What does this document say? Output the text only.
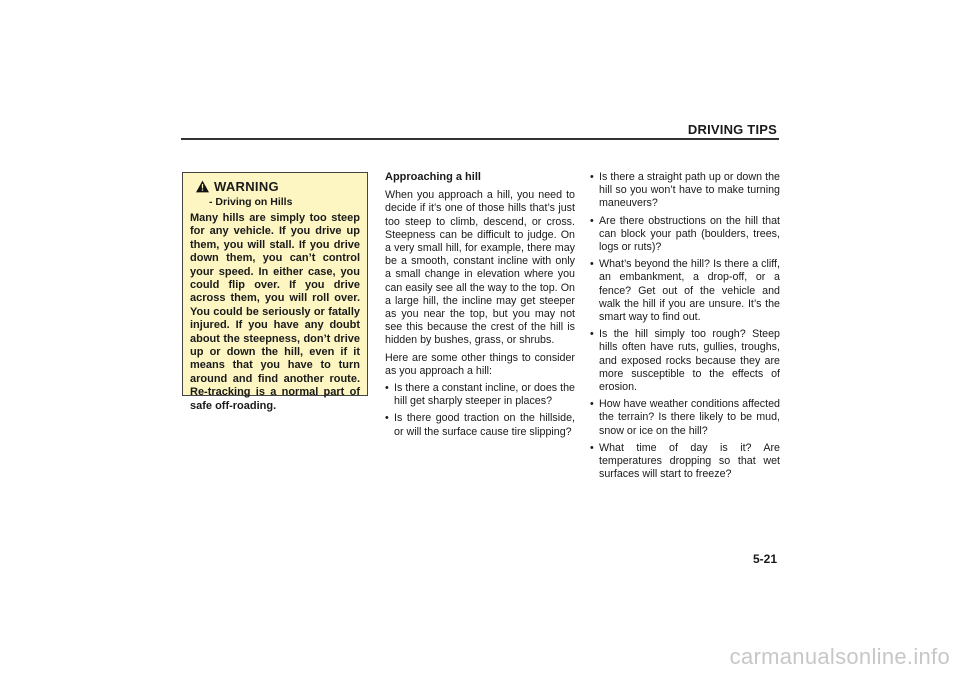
DRIVING TIPS
WARNING
- Driving on Hills
Many hills are simply too steep for any vehicle. If you drive up them, you will stall. If you drive down them, you can’t control your speed. In either case, you could flip over. If you drive across them, you will roll over. You could be seriously or fatally injured. If you have any doubt about the steepness, don’t drive up or down the hill, even if it means that you have to turn around and find another route. Re-tracking is a normal part of safe off-roading.
Approaching a hill

When you approach a hill, you need to decide if it’s one of those hills that’s just too steep to climb, descend, or cross. Steepness can be difficult to judge. On a very small hill, for example, there may be a smooth, constant incline with only a small change in elevation where you can easily see all the way to the top. On a large hill, the incline may get steeper as you near the top, but you may not see this because the crest of the hill is hidden by bushes, grass, or shrubs.

Here are some other things to consider as you approach a hill:

• Is there a constant incline, or does the hill get sharply steeper in places?
• Is there good traction on the hillside, or will the surface cause tire slipping?
• Is there a straight path up or down the hill so you won’t have to make turning maneuvers?
• Are there obstructions on the hill that can block your path (boulders, trees, logs or ruts)?
• What’s beyond the hill? Is there a cliff, an embankment, a drop-off, or a fence? Get out of the vehicle and walk the hill if you are unsure. It’s the smart way to find out.
• Is the hill simply too rough? Steep hills often have ruts, gullies, troughs, and exposed rocks because they are more susceptible to the effects of erosion.
• How have weather conditions affected the terrain? Is there likely to be mud, snow or ice on the hill?
• What time of day is it? Are temperatures dropping so that wet surfaces will start to freeze?
5-21
carmanualsonline.info
